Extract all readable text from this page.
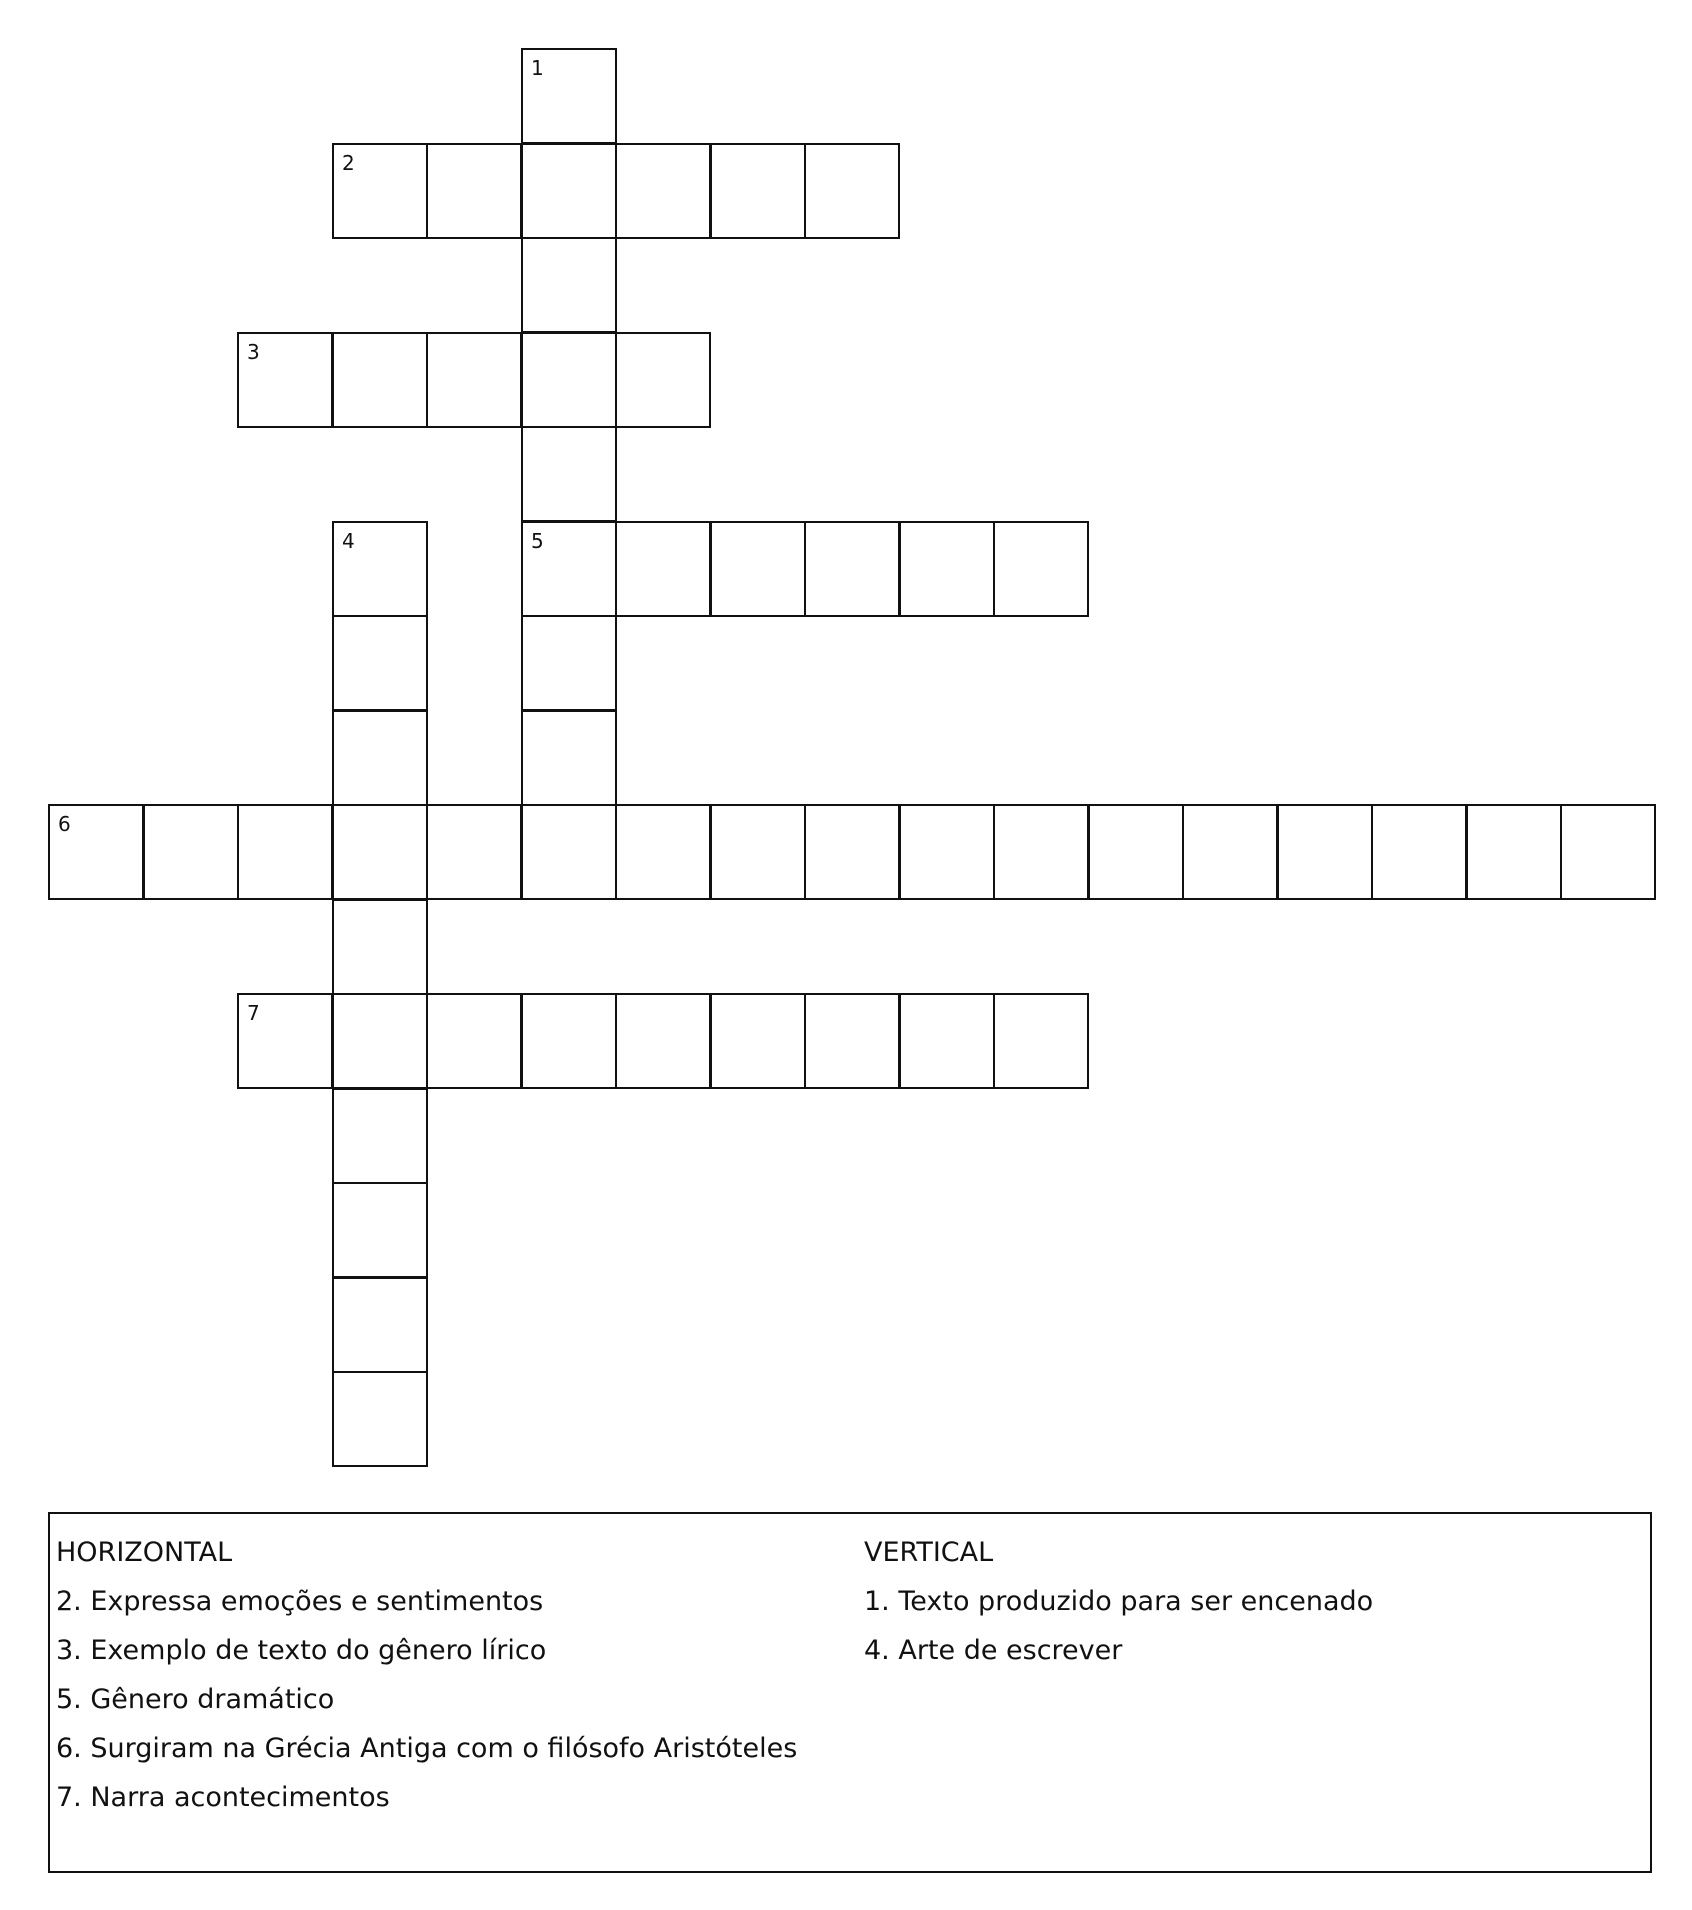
1
5
2
3
4
6
7
HORIZONTAL
2. Expressa emoções e sentimentos
3. Exemplo de texto do gênero lírico
5. Gênero dramático
6. Surgiram na Grécia Antiga com o filósofo Aristóteles
7. Narra acontecimentos
VERTICAL
1. Texto produzido para ser encenado
4. Arte de escrever
